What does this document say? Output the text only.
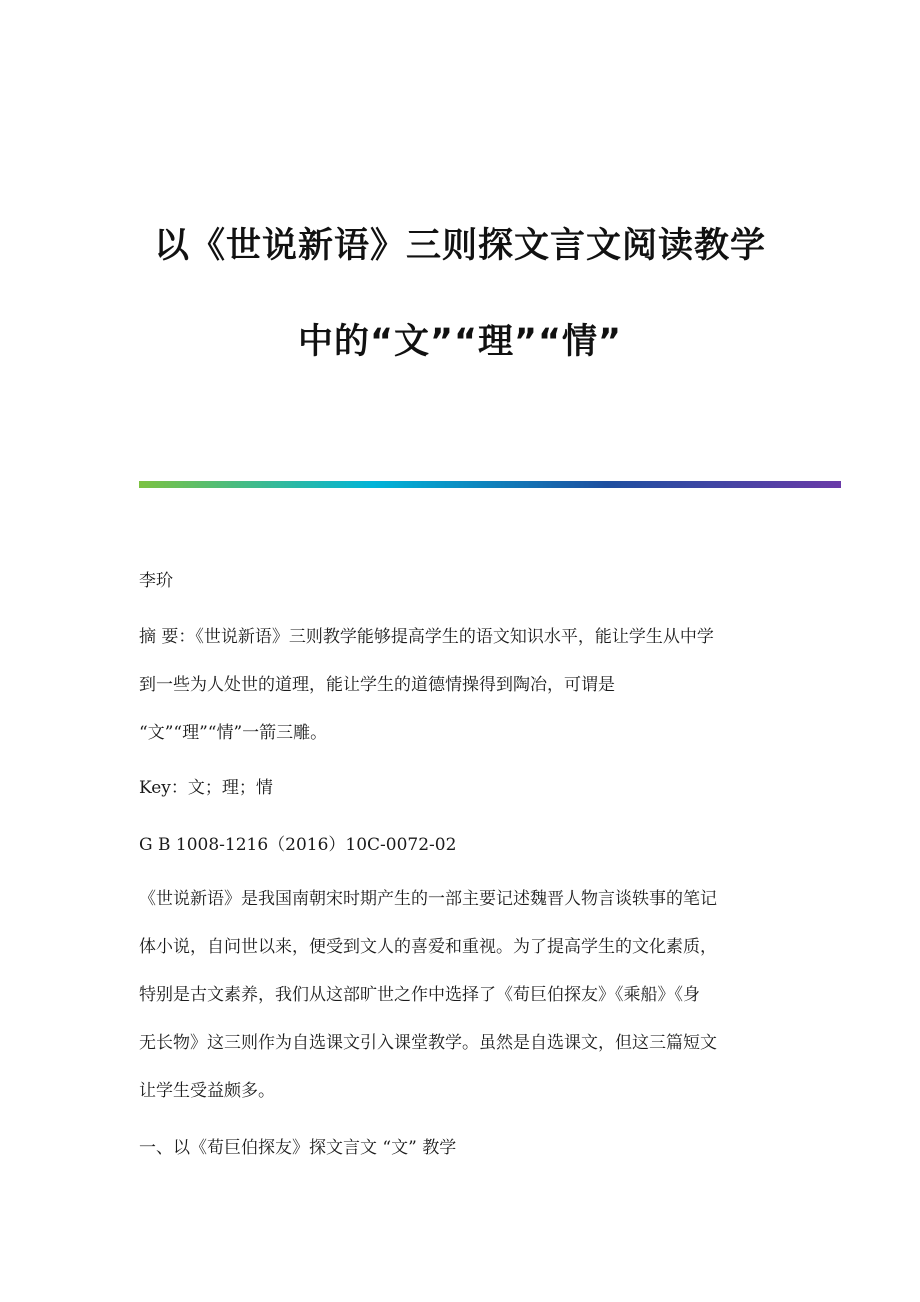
以《世说新语》三则探文言文阅读教学
中的“文”“理”“情”
李玠
摘 要：《世说新语》三则教学能够提高学生的语文知识水平，能让学生从中学
到一些为人处世的道理，能让学生的道德情操得到陶冶，可谓是
“文”“理”“情”一箭三雕。
Key：文；理；情
G B 1008-1216（2016）10C-0072-02
《世说新语》是我国南朝宋时期产生的一部主要记述魏晋人物言谈轶事的笔记
体小说，自问世以来，便受到文人的喜爱和重视。为了提高学生的文化素质，
特别是古文素养，我们从这部旷世之作中选择了《荀巨伯探友》《乘船》《身
无长物》这三则作为自选课文引入课堂教学。虽然是自选课文，但这三篇短文
让学生受益颇多。
一、以《荀巨伯探友》探文言文 “文” 教学
